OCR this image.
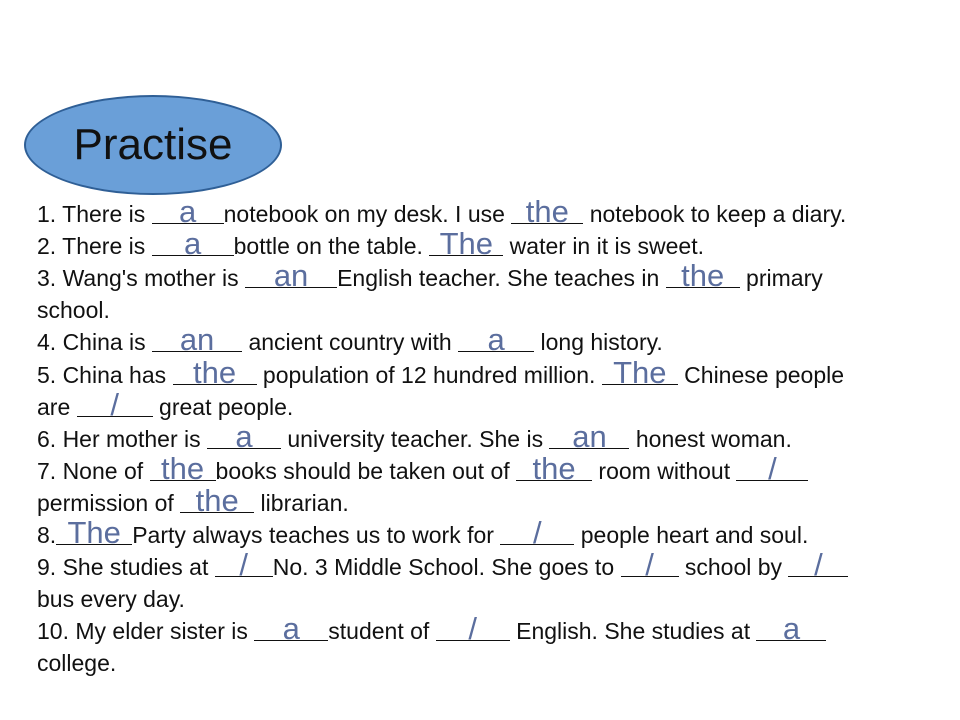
Practise
1. There is a notebook on my desk. I use the notebook to keep a diary.
2. There is a bottle on the table. The water in it is sweet.
3. Wang's mother is an English teacher. She teaches in the primary
school.
4. China is an ancient country with a long history.
5. China has the population of 12 hundred million. The Chinese people
are / great people.
6. Her mother is a university teacher. She is an honest woman.
7. None of the books should be taken out of the room without /
permission of the librarian.
8. The Party always teaches us to work for / people heart and soul.
9. She studies at / No. 3 Middle School. She goes to / school by /
bus every day.
10. My elder sister is a student of / English. She studies at a
college.
